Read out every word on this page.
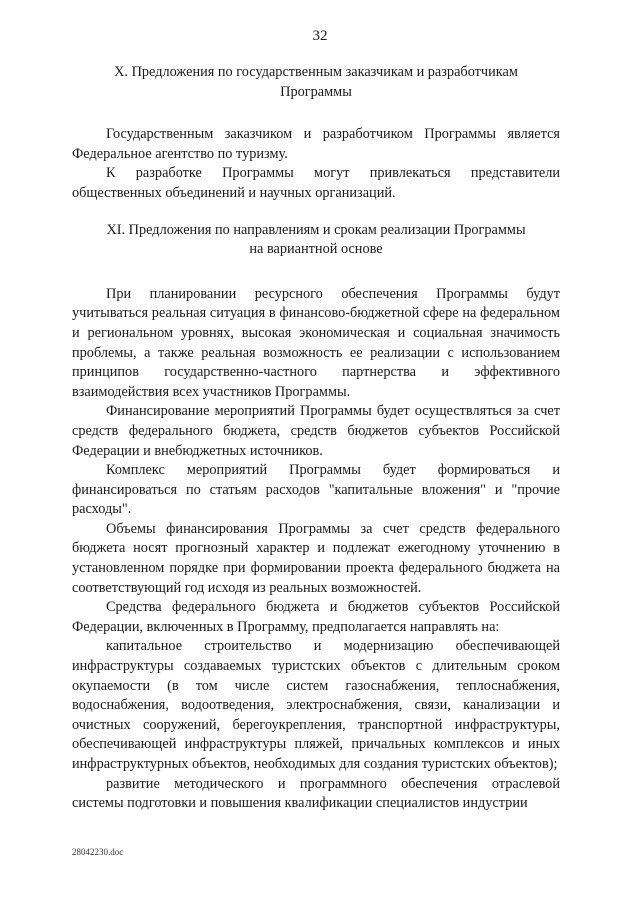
32
X. Предложения по государственным заказчикам и разработчикам
Программы

Государственным заказчиком и разработчиком Программы является Федеральное агентство по туризму.

К разработке Программы могут привлекаться представители общественных объединений и научных организаций.

XI. Предложения по направлениям и срокам реализации Программы
на вариантной основе

При планировании ресурсного обеспечения Программы будут учитываться реальная ситуация в финансово-бюджетной сфере на федеральном и региональном уровнях, высокая экономическая и социальная значимость проблемы, а также реальная возможность ее реализации с использованием принципов государственно-частного партнерства и эффективного взаимодействия всех участников Программы.

Финансирование мероприятий Программы будет осуществляться за счет средств федерального бюджета, средств бюджетов субъектов Российской Федерации и внебюджетных источников.

Комплекс мероприятий Программы будет формироваться и финансироваться по статьям расходов "капитальные вложения" и "прочие расходы".

Объемы финансирования Программы за счет средств федерального бюджета носят прогнозный характер и подлежат ежегодному уточнению в установленном порядке при формировании проекта федерального бюджета на соответствующий год исходя из реальных возможностей.

Средства федерального бюджета и бюджетов субъектов Российской Федерации, включенных в Программу, предполагается направлять на:

капитальное строительство и модернизацию обеспечивающей инфраструктуры создаваемых туристских объектов с длительным сроком окупаемости (в том числе систем газоснабжения, теплоснабжения, водоснабжения, водоотведения, электроснабжения, связи, канализации и очистных сооружений, берегоукрепления, транспортной инфраструктуры, обеспечивающей инфраструктуры пляжей, причальных комплексов и иных инфраструктурных объектов, необходимых для создания туристских объектов);

развитие методического и программного обеспечения отраслевой системы подготовки и повышения квалификации специалистов индустрии

28042230.doc
